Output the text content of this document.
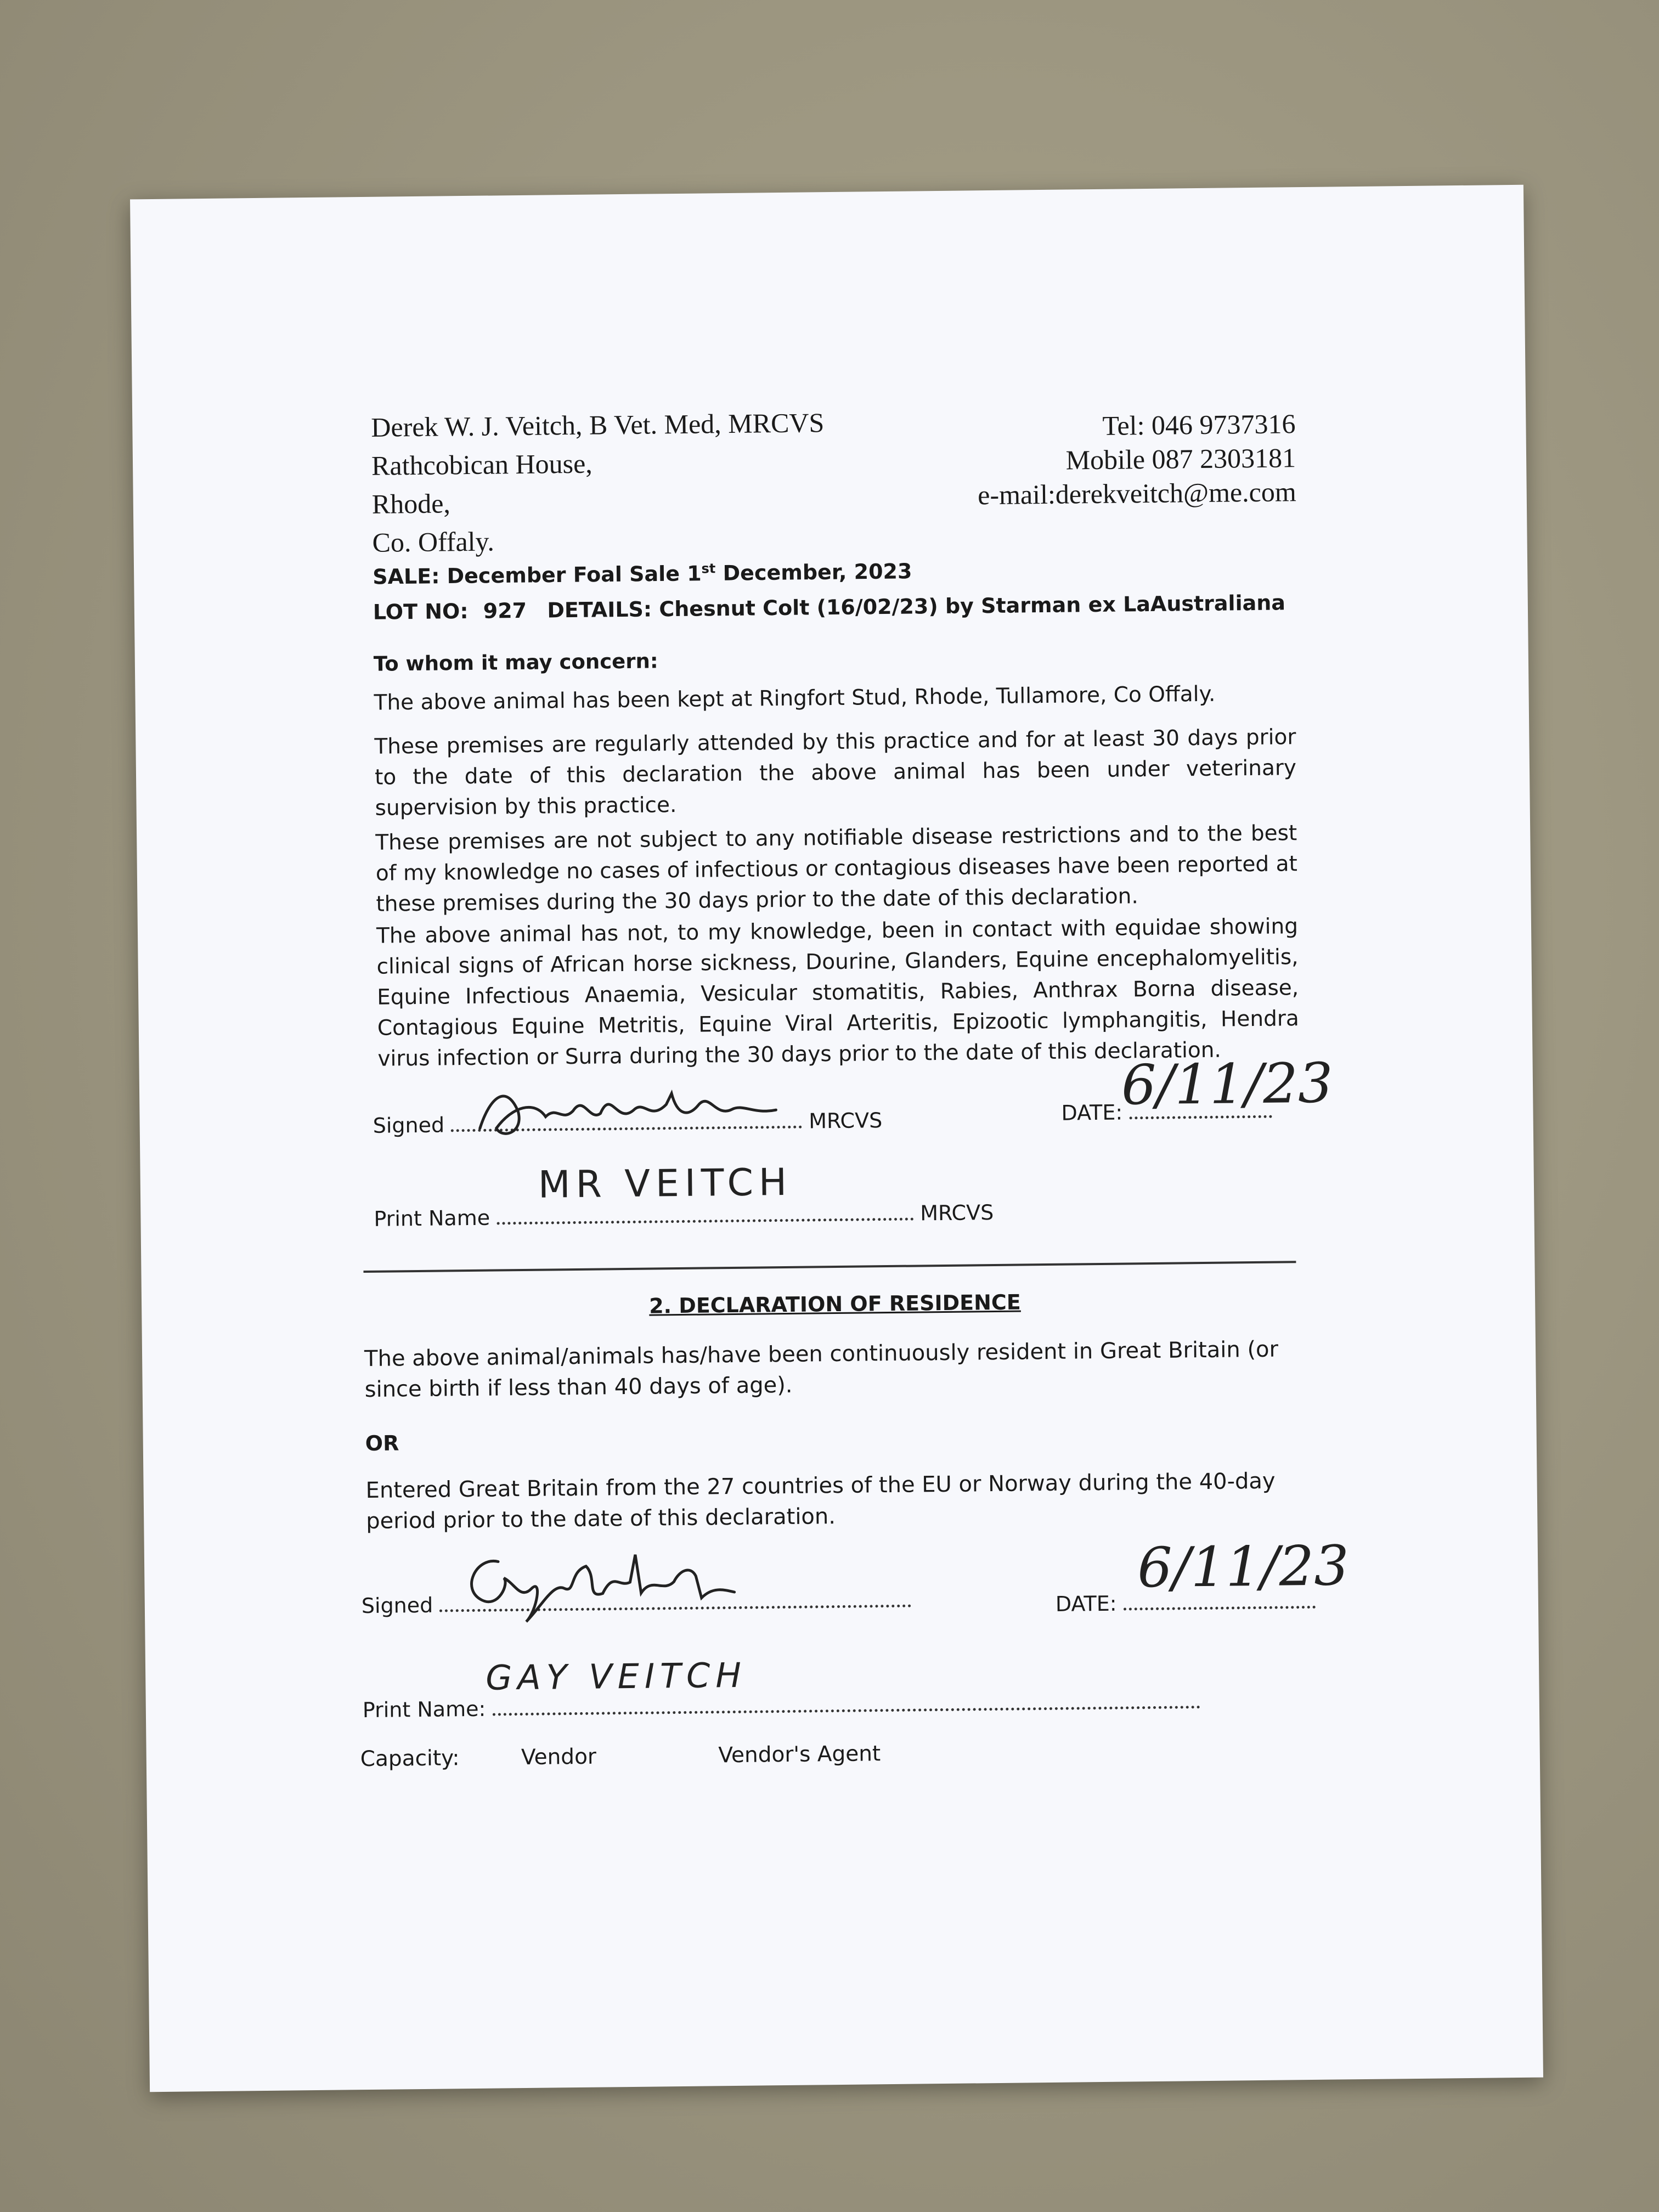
Derek W. J. Veitch, B Vet. Med, MRCVS
Rathcobican House,
Rhode,
Co. Offaly.
Tel: 046 9737316
Mobile 087 2303181
e-mail:derekveitch@me.com
SALE: December Foal Sale 1st December, 2023
LOT NO: 927 DETAILS: Chesnut Colt (16/02/23) by Starman ex LaAustraliana
To whom it may concern:
The above animal has been kept at Ringfort Stud, Rhode, Tullamore, Co Offaly.
These premises are regularly attended by this practice and for at least 30 days prior to the date of this declaration the above animal has been under veterinary supervision by this practice.
These premises are not subject to any notifiable disease restrictions and to the best of my knowledge no cases of infectious or contagious diseases have been reported at these premises during the 30 days prior to the date of this declaration.
The above animal has not, to my knowledge, been in contact with equidae showing clinical signs of African horse sickness, Dourine, Glanders, Equine encephalomyelitis, Equine Infectious Anaemia, Vesicular stomatitis, Rabies, Anthrax Borna disease, Contagious Equine Metritis, Equine Viral Arteritis, Epizootic lymphangitis, Hendra virus infection or Surra during the 30 days prior to the date of this declaration.
Signed	MRCVS	DATE:
6/11/23
Print Name	MRCVS
MR VEITCH
2. DECLARATION OF RESIDENCE
The above animal/animals has/have been continuously resident in Great Britain (or since birth if less than 40 days of age).
OR
Entered Great Britain from the 27 countries of the EU or Norway during the 40-day period prior to the date of this declaration.
Signed	DATE:
6/11/23
Print Name:
GAY VEITCH
Capacity:	Vendor	Vendor's Agent
